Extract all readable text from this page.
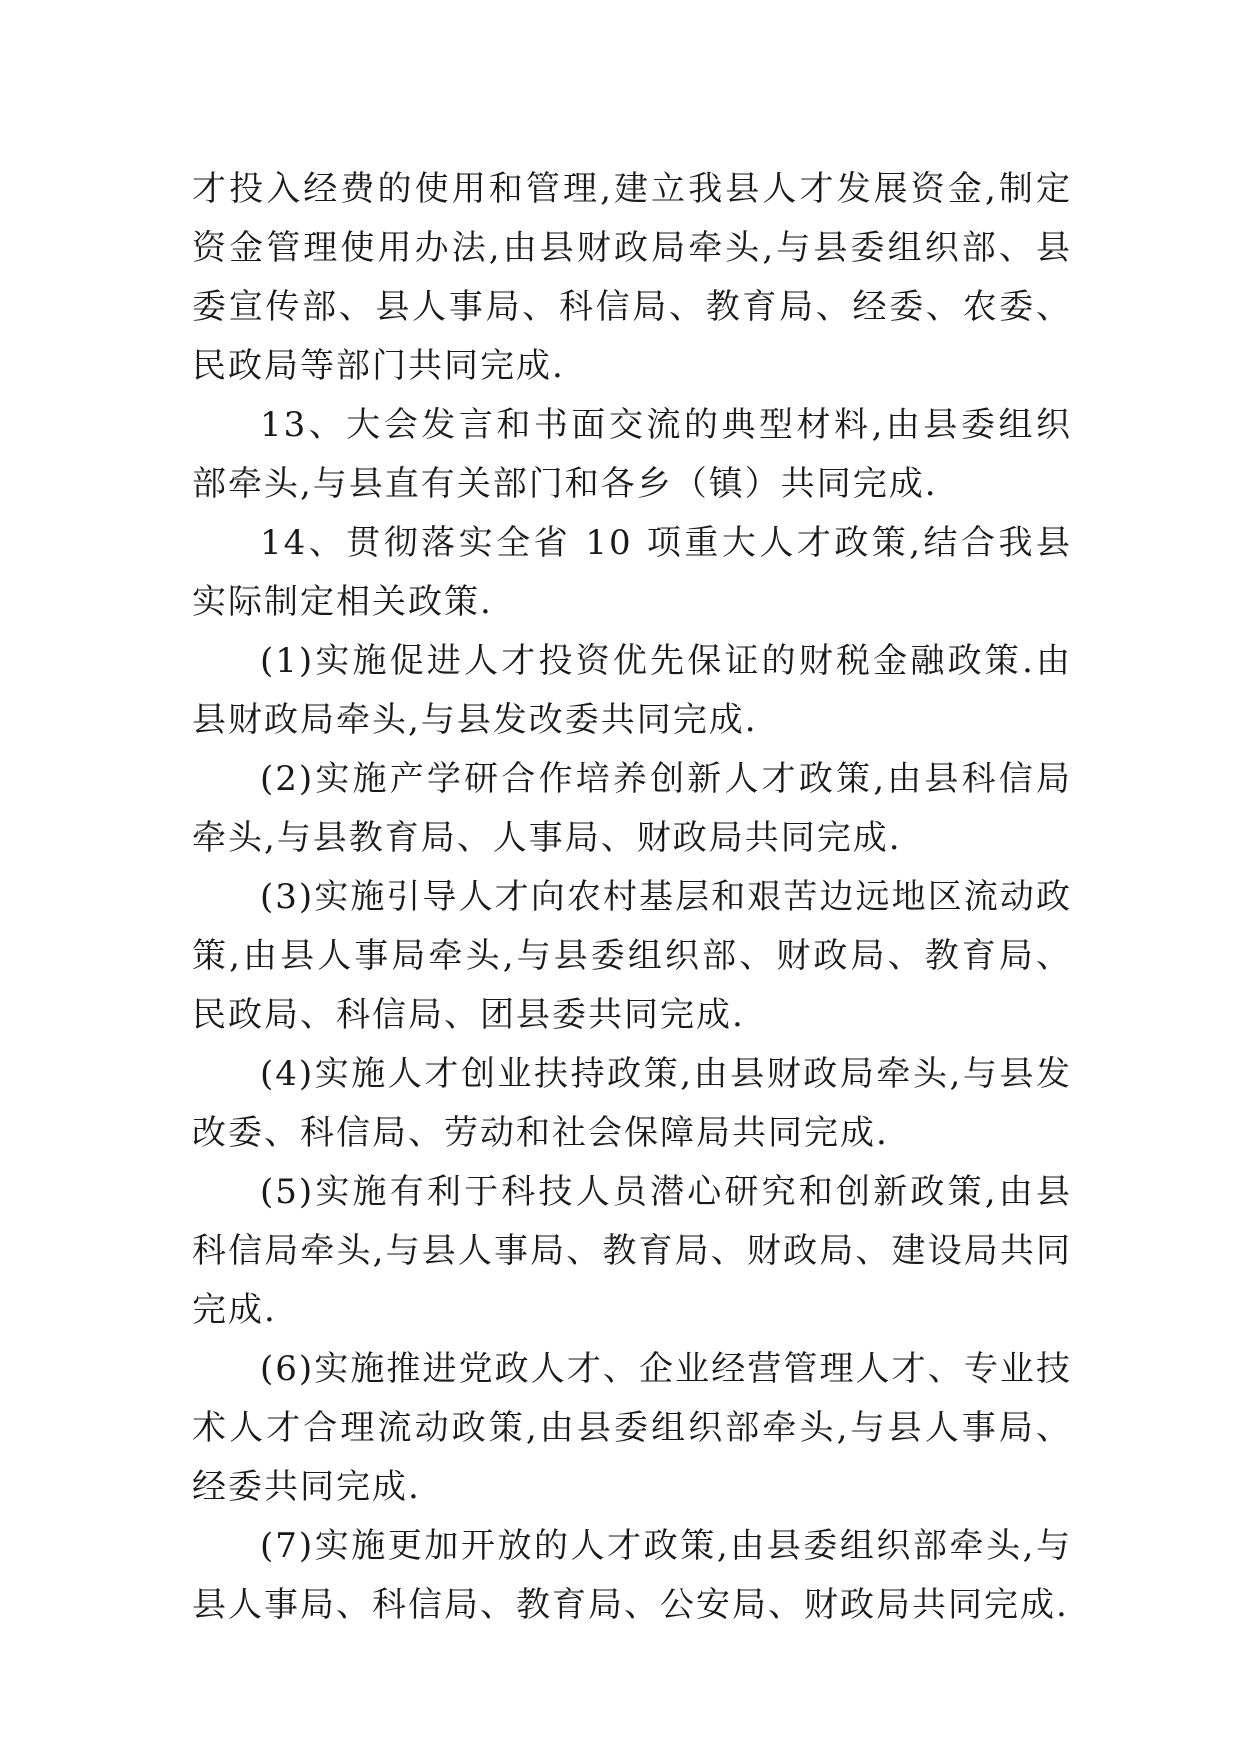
才投入经费的使用和管理,建立我县人才发展资金,制定资金管理使用办法,由县财政局牵头,与县委组织部、县委宣传部、县人事局、科信局、教育局、经委、农委、民政局等部门共同完成.

13、大会发言和书面交流的典型材料,由县委组织部牵头,与县直有关部门和各乡（镇）共同完成.

14、贯彻落实全省 10 项重大人才政策,结合我县实际制定相关政策.

(1)实施促进人才投资优先保证的财税金融政策.由县财政局牵头,与县发改委共同完成.

(2)实施产学研合作培养创新人才政策,由县科信局牵头,与县教育局、人事局、财政局共同完成.

(3)实施引导人才向农村基层和艰苦边远地区流动政策,由县人事局牵头,与县委组织部、财政局、教育局、民政局、科信局、团县委共同完成.

(4)实施人才创业扶持政策,由县财政局牵头,与县发改委、科信局、劳动和社会保障局共同完成.

(5)实施有利于科技人员潜心研究和创新政策,由县科信局牵头,与县人事局、教育局、财政局、建设局共同完成.

(6)实施推进党政人才、企业经营管理人才、专业技术人才合理流动政策,由县委组织部牵头,与县人事局、经委共同完成.

(7)实施更加开放的人才政策,由县委组织部牵头,与县人事局、科信局、教育局、公安局、财政局共同完成.
